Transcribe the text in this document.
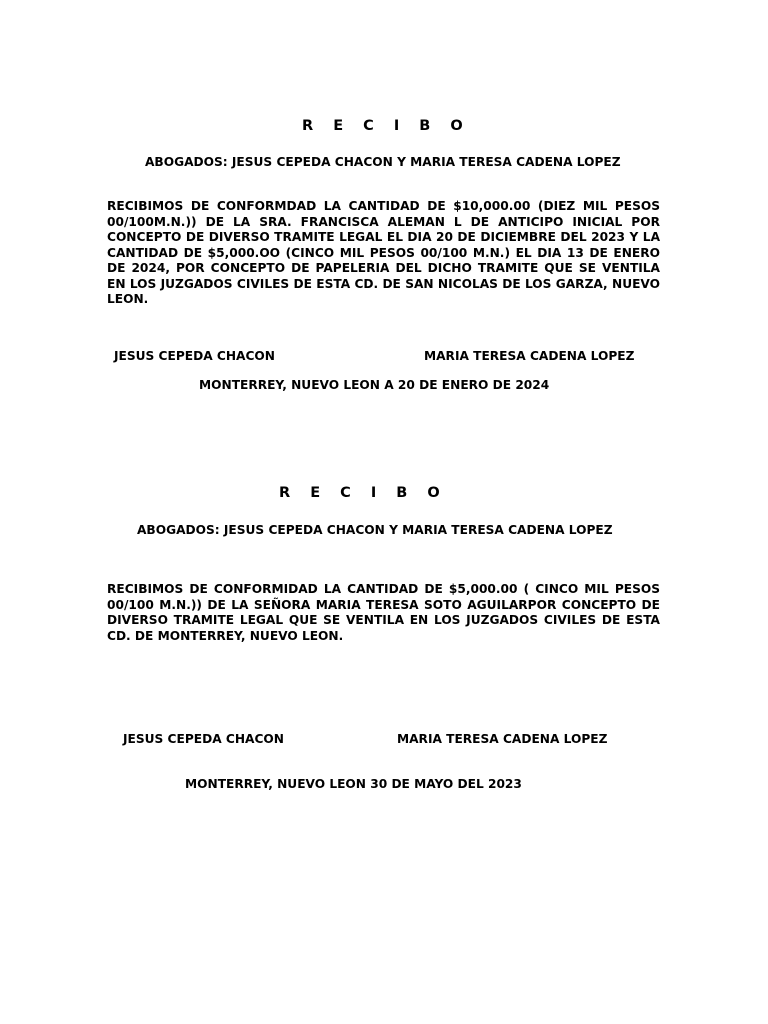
R E C I B O
ABOGADOS: JESUS CEPEDA CHACON Y MARIA TERESA CADENA LOPEZ
RECIBIMOS DE CONFORMDAD LA CANTIDAD DE $10,000.00 (DIEZ MIL PESOS 00/100M.N.)) DE LA SRA. FRANCISCA ALEMAN L DE ANTICIPO INICIAL POR CONCEPTO DE DIVERSO TRAMITE LEGAL EL DIA 20 DE DICIEMBRE DEL 2023 Y LA CANTIDAD DE $5,000.OO (CINCO MIL PESOS 00/100 M.N.) EL DIA 13 DE ENERO DE 2024, POR CONCEPTO DE PAPELERIA DEL DICHO TRAMITE QUE SE VENTILA EN LOS JUZGADOS CIVILES DE ESTA CD. DE SAN NICOLAS DE LOS GARZA, NUEVO LEON.
JESUS CEPEDA CHACON	MARIA TERESA CADENA LOPEZ
MONTERREY, NUEVO LEON A 20 DE ENERO DE 2024
R E C I B O
ABOGADOS: JESUS CEPEDA CHACON Y MARIA TERESA CADENA LOPEZ
RECIBIMOS DE CONFORMIDAD LA CANTIDAD DE $5,000.00 ( CINCO MIL PESOS 00/100 M.N.)) DE LA SEÑORA MARIA TERESA SOTO AGUILARPOR CONCEPTO DE DIVERSO TRAMITE LEGAL QUE SE VENTILA EN LOS JUZGADOS CIVILES DE ESTA CD. DE MONTERREY, NUEVO LEON.
JESUS CEPEDA CHACON	MARIA TERESA CADENA LOPEZ
MONTERREY, NUEVO LEON 30 DE MAYO DEL 2023
